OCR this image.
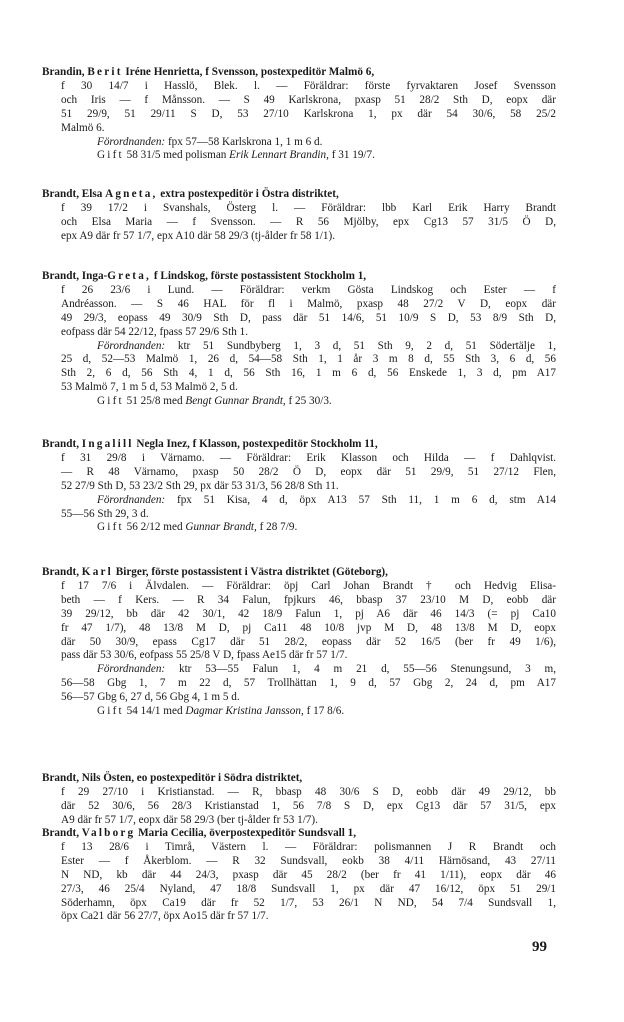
Brandin, Berit Iréne Henrietta, f Svensson, postexpeditör Malmö 6,

f 30 14/7 i Hasslö, Blek. l. — Föräldrar: förste fyrvaktaren Josef Svensson
och Iris — f Månsson. — S 49 Karlskrona, pxasp 51 28/2 Sth D, eopx där
51 29/9, 51 29/11 S D, 53 27/10 Karlskrona 1, px där 54 30/6, 58 25/2
Malmö 6.
Förordnanden: fpx 57—58 Karlskrona 1, 1 m 6 d.
Gift 58 31/5 med polisman Erik Lennart Brandin, f 31 19/7.

Brandt, Elsa Agneta, extra postexpeditör i Östra distriktet,

f 39 17/2 i Svanshals, Österg l. — Föräldrar: lbb Karl Erik Harry Brandt
och Elsa Maria — f Svensson. — R 56 Mjölby, epx Cg13 57 31/5 Ö D,
epx A9 där fr 57 1/7, epx A10 där 58 29/3 (tj-ålder fr 58 1/1).

Brandt, Inga-Greta, f Lindskog, förste postassistent Stockholm 1,

f 26 23/6 i Lund. — Föräldrar: verkm Gösta Lindskog och Ester — f
Andréasson. — S 46 HAL för fl i Malmö, pxasp 48 27/2 V D, eopx där
49 29/3, eopass 49 30/9 Sth D, pass där 51 14/6, 51 10/9 S D, 53 8/9 Sth D,
eofpass där 54 22/12, fpass 57 29/6 Sth 1.
Förordnanden: ktr 51 Sundbyberg 1, 3 d, 51 Sth 9, 2 d, 51 Södertälje 1,
25 d, 52—53 Malmö 1, 26 d, 54—58 Sth 1, 1 år 3 m 8 d, 55 Sth 3, 6 d, 56
Sth 2, 6 d, 56 Sth 4, 1 d, 56 Sth 16, 1 m 6 d, 56 Enskede 1, 3 d, pm A17
53 Malmö 7, 1 m 5 d, 53 Malmö 2, 5 d.
Gift 51 25/8 med Bengt Gunnar Brandt, f 25 30/3.

Brandt, Ingalill Negla Inez, f Klasson, postexpeditör Stockholm 11,

f 31 29/8 i Värnamo. — Föräldrar: Erik Klasson och Hilda — f Dahlqvist.
— R 48 Värnamo, pxasp 50 28/2 Ö D, eopx där 51 29/9, 51 27/12 Flen,
52 27/9 Sth D, 53 23/2 Sth 29, px där 53 31/3, 56 28/8 Sth 11.
Förordnanden: fpx 51 Kisa, 4 d, öpx A13 57 Sth 11, 1 m 6 d, stm A14
55—56 Sth 29, 3 d.
Gift 56 2/12 med Gunnar Brandt, f 28 7/9.

Brandt, Karl Birger, förste postassistent i Västra distriktet (Göteborg),

f 17 7/6 i Älvdalen. — Föräldrar: öpj Carl Johan Brandt † och Hedvig Elisa-
beth — f Kers. — R 34 Falun, fpjkurs 46, bbasp 37 23/10 M D, eobb där
39 29/12, bb där 42 30/1, 42 18/9 Falun 1, pj A6 där 46 14/3 (= pj Ca10
fr 47 1/7), 48 13/8 M D, pj Ca11 48 10/8 jvp M D, 48 13/8 M D, eopx
där 50 30/9, epass Cg17 där 51 28/2, eopass där 52 16/5 (ber fr 49 1/6),
pass där 53 30/6, eofpass 55 25/8 V D, fpass Ae15 där fr 57 1/7.
Förordnanden: ktr 53—55 Falun 1, 4 m 21 d, 55—56 Stenungsund, 3 m,
56—58 Gbg 1, 7 m 22 d, 57 Trollhättan 1, 9 d, 57 Gbg 2, 24 d, pm A17
56—57 Gbg 6, 27 d, 56 Gbg 4, 1 m 5 d.
Gift 54 14/1 med Dagmar Kristina Jansson, f 17 8/6.

Brandt, Nils Östen, eo postexpeditör i Södra distriktet,

f 29 27/10 i Kristianstad. — R, bbasp 48 30/6 S D, eobb där 49 29/12, bb
där 52 30/6, 56 28/3 Kristianstad 1, 56 7/8 S D, epx Cg13 där 57 31/5, epx
A9 där fr 57 1/7, eopx där 58 29/3 (ber tj-ålder fr 53 1/7).

Brandt, Valborg Maria Cecilia, överpostexpeditör Sundsvall 1,

f 13 28/6 i Timrå, Västern l. — Föräldrar: polismannen J R Brandt och
Ester — f Åkerblom. — R 32 Sundsvall, eokb 38 4/11 Härnösand, 43 27/11
N ND, kb där 44 24/3, pxasp där 45 28/2 (ber fr 41 1/11), eopx där 46
27/3, 46 25/4 Nyland, 47 18/8 Sundsvall 1, px där 47 16/12, öpx 51 29/1
Söderhamn, öpx Ca19 där fr 52 1/7, 53 26/1 N ND, 54 7/4 Sundsvall 1,
öpx Ca21 där 56 27/7, öpx Ao15 där fr 57 1/7.
99
